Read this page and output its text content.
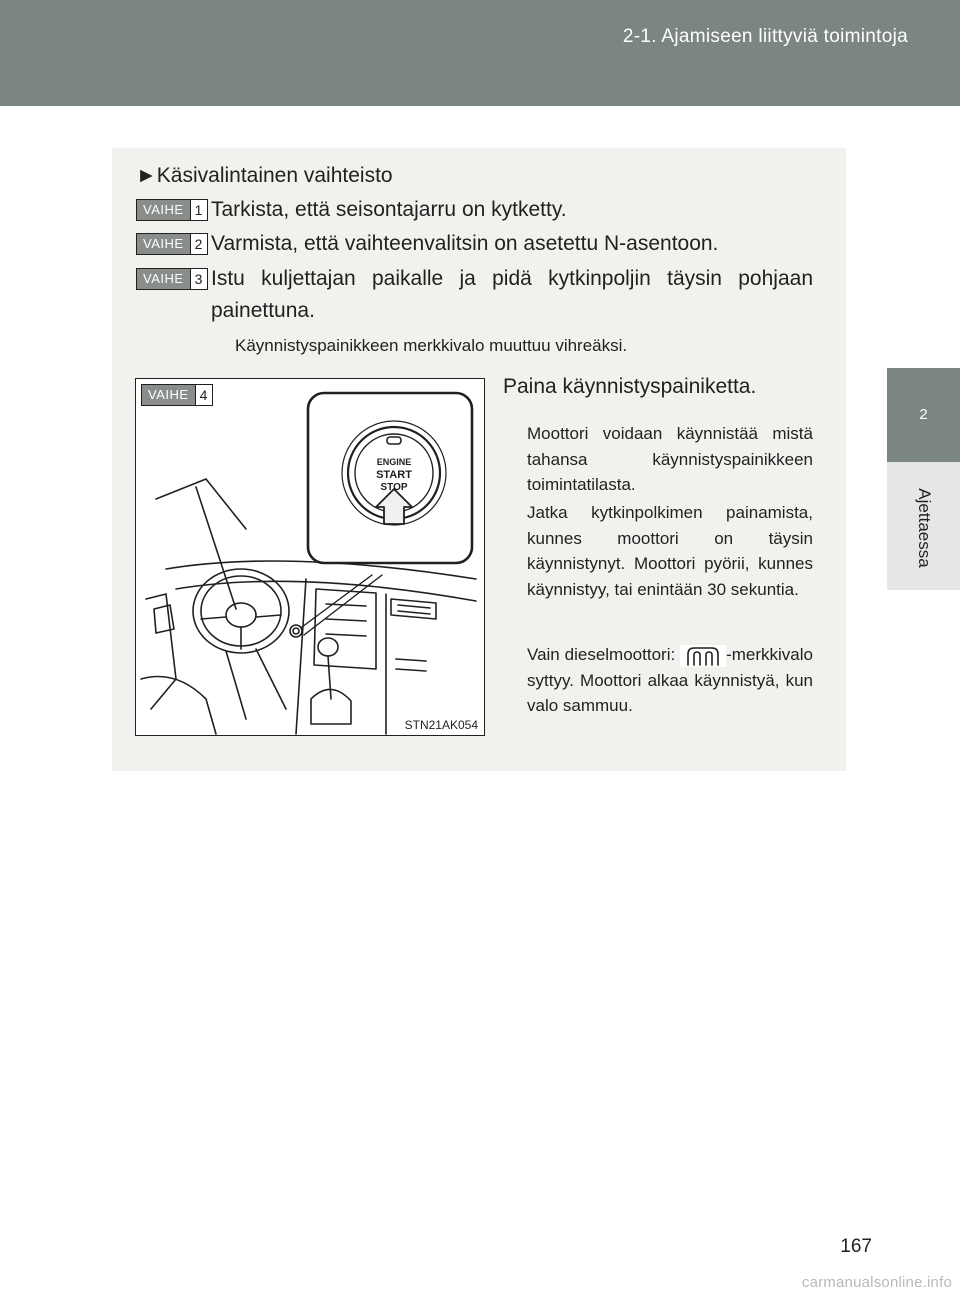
2-1. Ajamiseen liittyviä toimintoja
2
Ajettaessa
►Käsivalintainen vaihteisto
VAIHE 1 Tarkista, että seisontajarru on kytketty.
VAIHE 2 Varmista, että vaihteenvalitsin on asetettu N-asentoon.
VAIHE 3 Istu kuljettajan paikalle ja pidä kytkinpoljin täysin pohjaan painettuna.
Käynnistyspainikkeen merkkivalo muuttuu vihreäksi.
ENGINE
START
STOP
STN21AK054
VAIHE 4	Paina käynnistyspainiketta.
Moottori voidaan käynnistää mistä tahansa käynnistyspainikkeen toimintatilasta.
Jatka kytkinpolkimen painamista, kunnes moottori on täysin käynnistynyt. Moottori pyörii, kunnes käynnistyy, tai enintään 30 sekuntia.
Vain dieselmoottori:	-merkkivalo syttyy. Moottori alkaa käynnistyä, kun valo sammuu.
167
carmanualsonline.info
